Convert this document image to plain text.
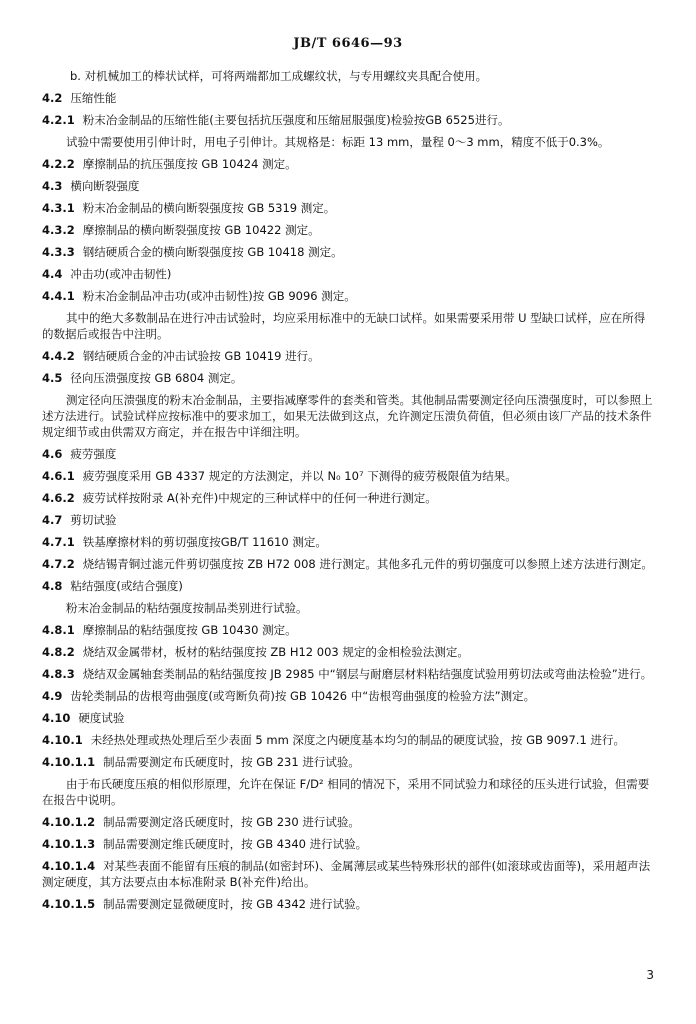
JB/T 6646—93

b. 对机械加工的棒状试样，可将两端都加工成螺纹状，与专用螺纹夹具配合使用。

4.2 压缩性能

4.2.1 粉末冶金制品的压缩性能(主要包括抗压强度和压缩屈服强度)检验按GB 6525进行。

试验中需要使用引伸计时，用电子引伸计。其规格是：标距 13 mm，量程 0～3 mm，精度不低于0.3%。

4.2.2 摩擦制品的抗压强度按 GB 10424 测定。

4.3 横向断裂强度

4.3.1 粉末冶金制品的横向断裂强度按 GB 5319 测定。

4.3.2 摩擦制品的横向断裂强度按 GB 10422 测定。

4.3.3 钢结硬质合金的横向断裂强度按 GB 10418 测定。

4.4 冲击功(或冲击韧性)

4.4.1 粉末冶金制品冲击功(或冲击韧性)按 GB 9096 测定。

其中的绝大多数制品在进行冲击试验时，均应采用标准中的无缺口试样。如果需要采用带 U 型缺口试样，应在所得的数据后或报告中注明。

4.4.2 钢结硬质合金的冲击试验按 GB 10419 进行。

4.5 径向压溃强度按 GB 6804 测定。

测定径向压溃强度的粉末冶金制品，主要指减摩零件的套类和管类。其他制品需要测定径向压溃强度时，可以参照上述方法进行。试验试样应按标准中的要求加工，如果无法做到这点，允许测定压溃负荷值，但必须由该厂产品的技术条件规定细节或由供需双方商定，并在报告中详细注明。

4.6 疲劳强度

4.6.1 疲劳强度采用 GB 4337 规定的方法测定，并以 N₀ 10⁷ 下测得的疲劳极限值为结果。

4.6.2 疲劳试样按附录 A(补充件)中规定的三种试样中的任何一种进行测定。

4.7 剪切试验

4.7.1 铁基摩擦材料的剪切强度按GB/T 11610 测定。

4.7.2 烧结锡青铜过滤元件剪切强度按 ZB H72 008 进行测定。其他多孔元件的剪切强度可以参照上述方法进行测定。

4.8 粘结强度(或结合强度)

粉末冶金制品的粘结强度按制品类别进行试验。

4.8.1 摩擦制品的粘结强度按 GB 10430 测定。

4.8.2 烧结双金属带材，板材的粘结强度按 ZB H12 003 规定的金相检验法测定。

4.8.3 烧结双金属轴套类制品的粘结强度按 JB 2985 中“钢层与耐磨层材料粘结强度试验用剪切法或弯曲法检验”进行。

4.9 齿轮类制品的齿根弯曲强度(或弯断负荷)按 GB 10426 中“齿根弯曲强度的检验方法”测定。

4.10 硬度试验

4.10.1 未经热处理或热处理后至少表面 5 mm 深度之内硬度基本均匀的制品的硬度试验，按 GB 9097.1 进行。

4.10.1.1 制品需要测定布氏硬度时，按 GB 231 进行试验。

由于布氏硬度压痕的相似形原理，允许在保证 F/D² 相同的情况下，采用不同试验力和球径的压头进行试验，但需要在报告中说明。

4.10.1.2 制品需要测定洛氏硬度时，按 GB 230 进行试验。

4.10.1.3 制品需要测定维氏硬度时，按 GB 4340 进行试验。

4.10.1.4 对某些表面不能留有压痕的制品(如密封环)、金属薄层或某些特殊形状的部件(如滚球或齿面等)，采用超声法测定硬度，其方法要点由本标准附录 B(补充件)给出。

4.10.1.5 制品需要测定显微硬度时，按 GB 4342 进行试验。

3
